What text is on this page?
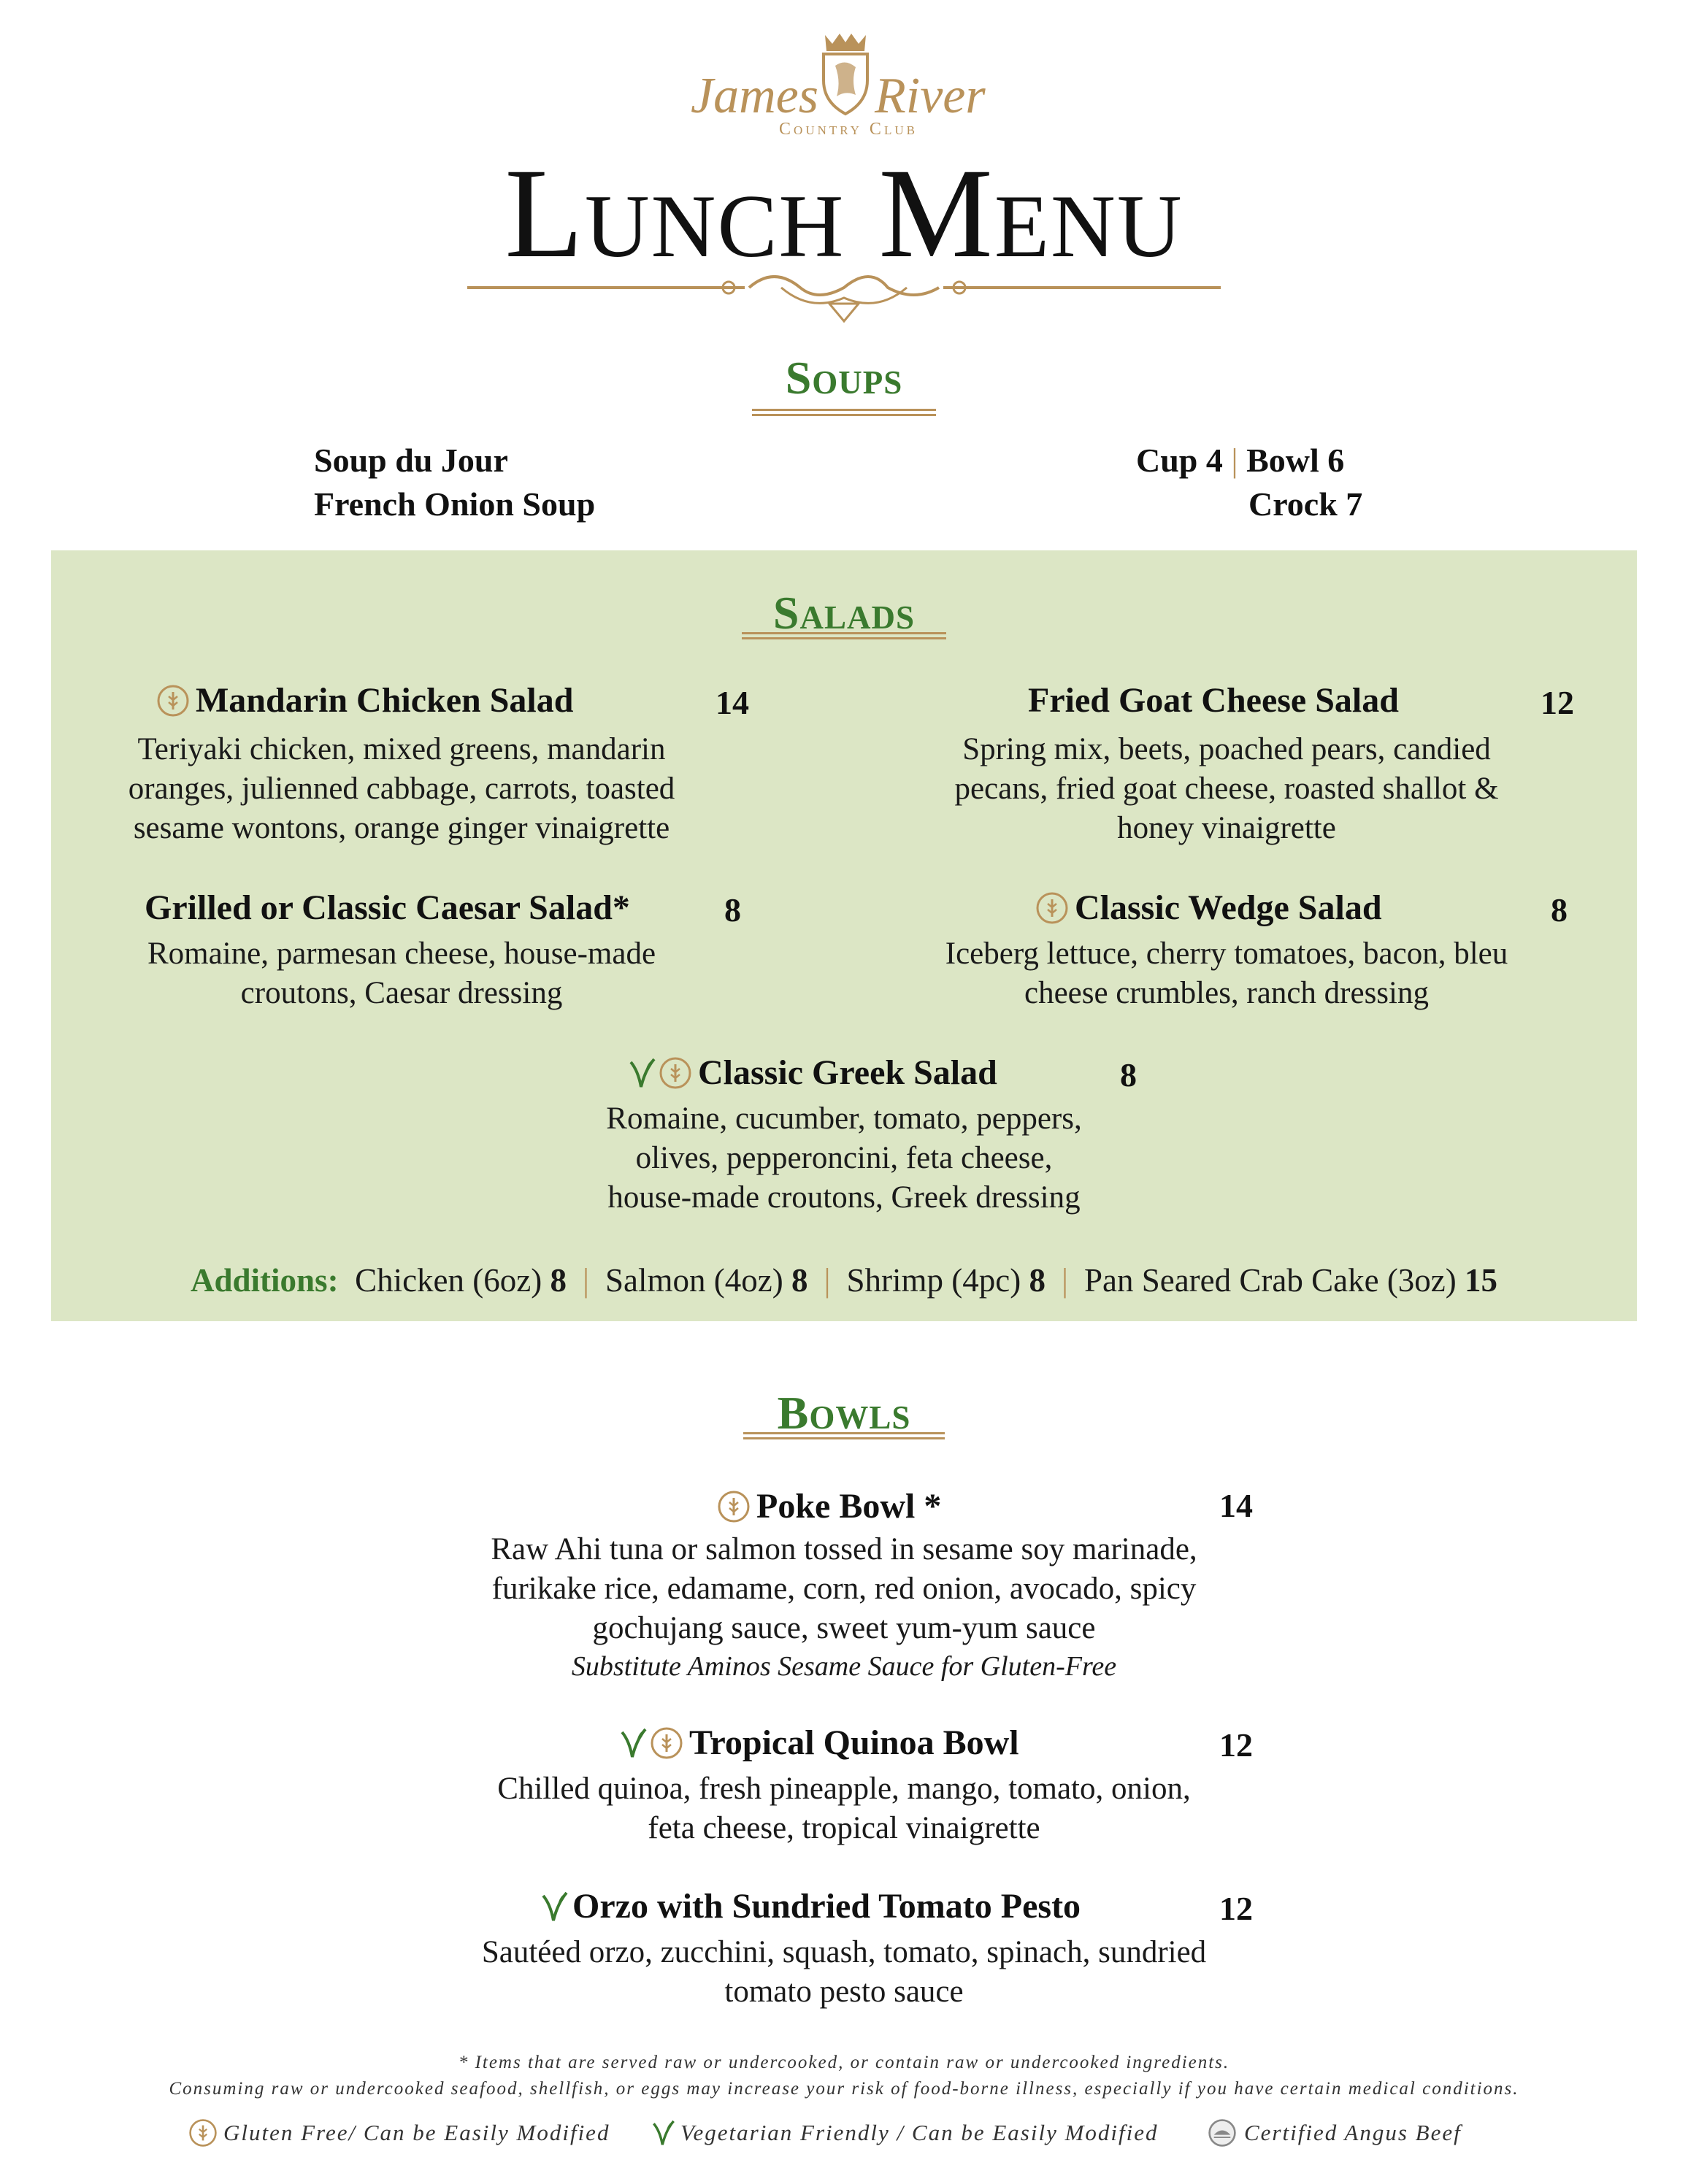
James River
Country Club
Lunch Menu
Soups
Soup du Jour	Cup 4 | Bowl 6
French Onion Soup	Crock 7
Salads
Mandarin Chicken Salad	14
Teriyaki chicken, mixed greens, mandarin
oranges, julienned cabbage, carrots, toasted
sesame wontons, orange ginger vinaigrette
Fried Goat Cheese Salad	12
Spring mix, beets, poached pears, candied
pecans, fried goat cheese, roasted shallot &
honey vinaigrette
Grilled or Classic Caesar Salad*	8
Romaine, parmesan cheese, house-made
croutons, Caesar dressing
Classic Wedge Salad	8
Iceberg lettuce, cherry tomatoes, bacon, bleu
cheese crumbles, ranch dressing
Classic Greek Salad	8
Romaine, cucumber, tomato, peppers,
olives, pepperoncini, feta cheese,
house-made croutons, Greek dressing
Additions: Chicken (6oz) 8 | Salmon (4oz) 8 | Shrimp (4pc) 8 | Pan Seared Crab Cake (3oz) 15
Bowls
Poke Bowl *	14
Raw Ahi tuna or salmon tossed in sesame soy marinade,
furikake rice, edamame, corn, red onion, avocado, spicy
gochujang sauce, sweet yum-yum sauce
Substitute Aminos Sesame Sauce for Gluten-Free
Tropical Quinoa Bowl	12
Chilled quinoa, fresh pineapple, mango, tomato, onion,
feta cheese, tropical vinaigrette
Orzo with Sundried Tomato Pesto	12
Sautéed orzo, zucchini, squash, tomato, spinach, sundried
tomato pesto sauce
* Items that are served raw or undercooked, or contain raw or undercooked ingredients.
Consuming raw or undercooked seafood, shellfish, or eggs may increase your risk of food-borne illness, especially if you have certain medical conditions.
Gluten Free/ Can be Easily Modified	Vegetarian Friendly / Can be Easily Modified	Certified Angus Beef
